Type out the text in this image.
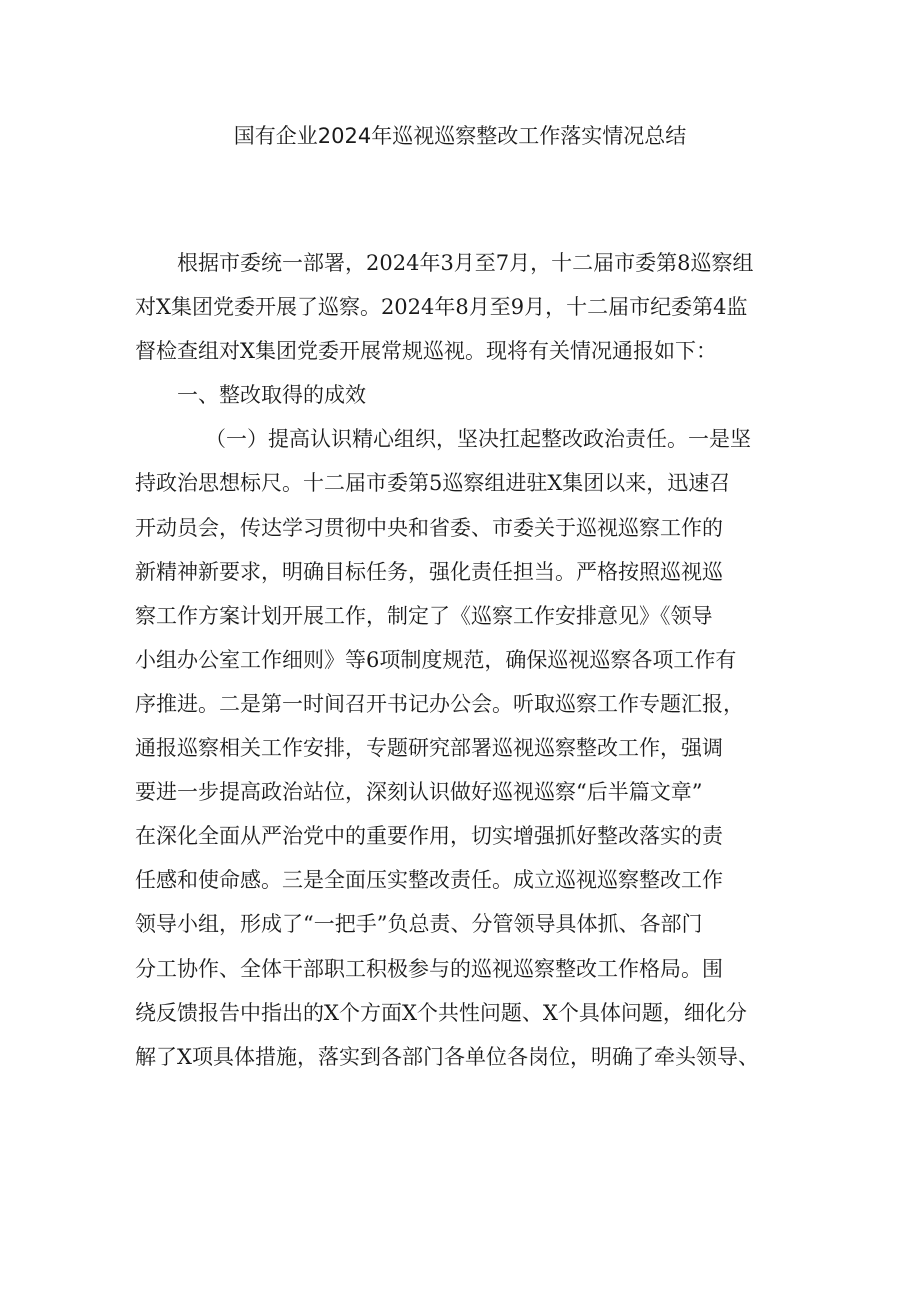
国有企业2024年巡视巡察整改工作落实情况总结
根据市委统一部署，2024年3月至7月，十二届市委第8巡察组
对X集团党委开展了巡察。2024年8月至9月，十二届市纪委第4监
督检查组对X集团党委开展常规巡视。现将有关情况通报如下：
一、整改取得的成效
（一）提高认识精心组织，坚决扛起整改政治责任。一是坚
持政治思想标尺。十二届市委第5巡察组进驻X集团以来，迅速召
开动员会，传达学习贯彻中央和省委、市委关于巡视巡察工作的
新精神新要求，明确目标任务，强化责任担当。严格按照巡视巡
察工作方案计划开展工作，制定了《巡察工作安排意见》《领导
小组办公室工作细则》等6项制度规范，确保巡视巡察各项工作有
序推进。二是第一时间召开书记办公会。听取巡察工作专题汇报，
通报巡察相关工作安排，专题研究部署巡视巡察整改工作，强调
要进一步提高政治站位，深刻认识做好巡视巡察“后半篇文章”
在深化全面从严治党中的重要作用，切实增强抓好整改落实的责
任感和使命感。三是全面压实整改责任。成立巡视巡察整改工作
领导小组，形成了“一把手”负总责、分管领导具体抓、各部门
分工协作、全体干部职工积极参与的巡视巡察整改工作格局。围
绕反馈报告中指出的X个方面X个共性问题、X个具体问题，细化分
解了X项具体措施，落实到各部门各单位各岗位，明确了牵头领导、
